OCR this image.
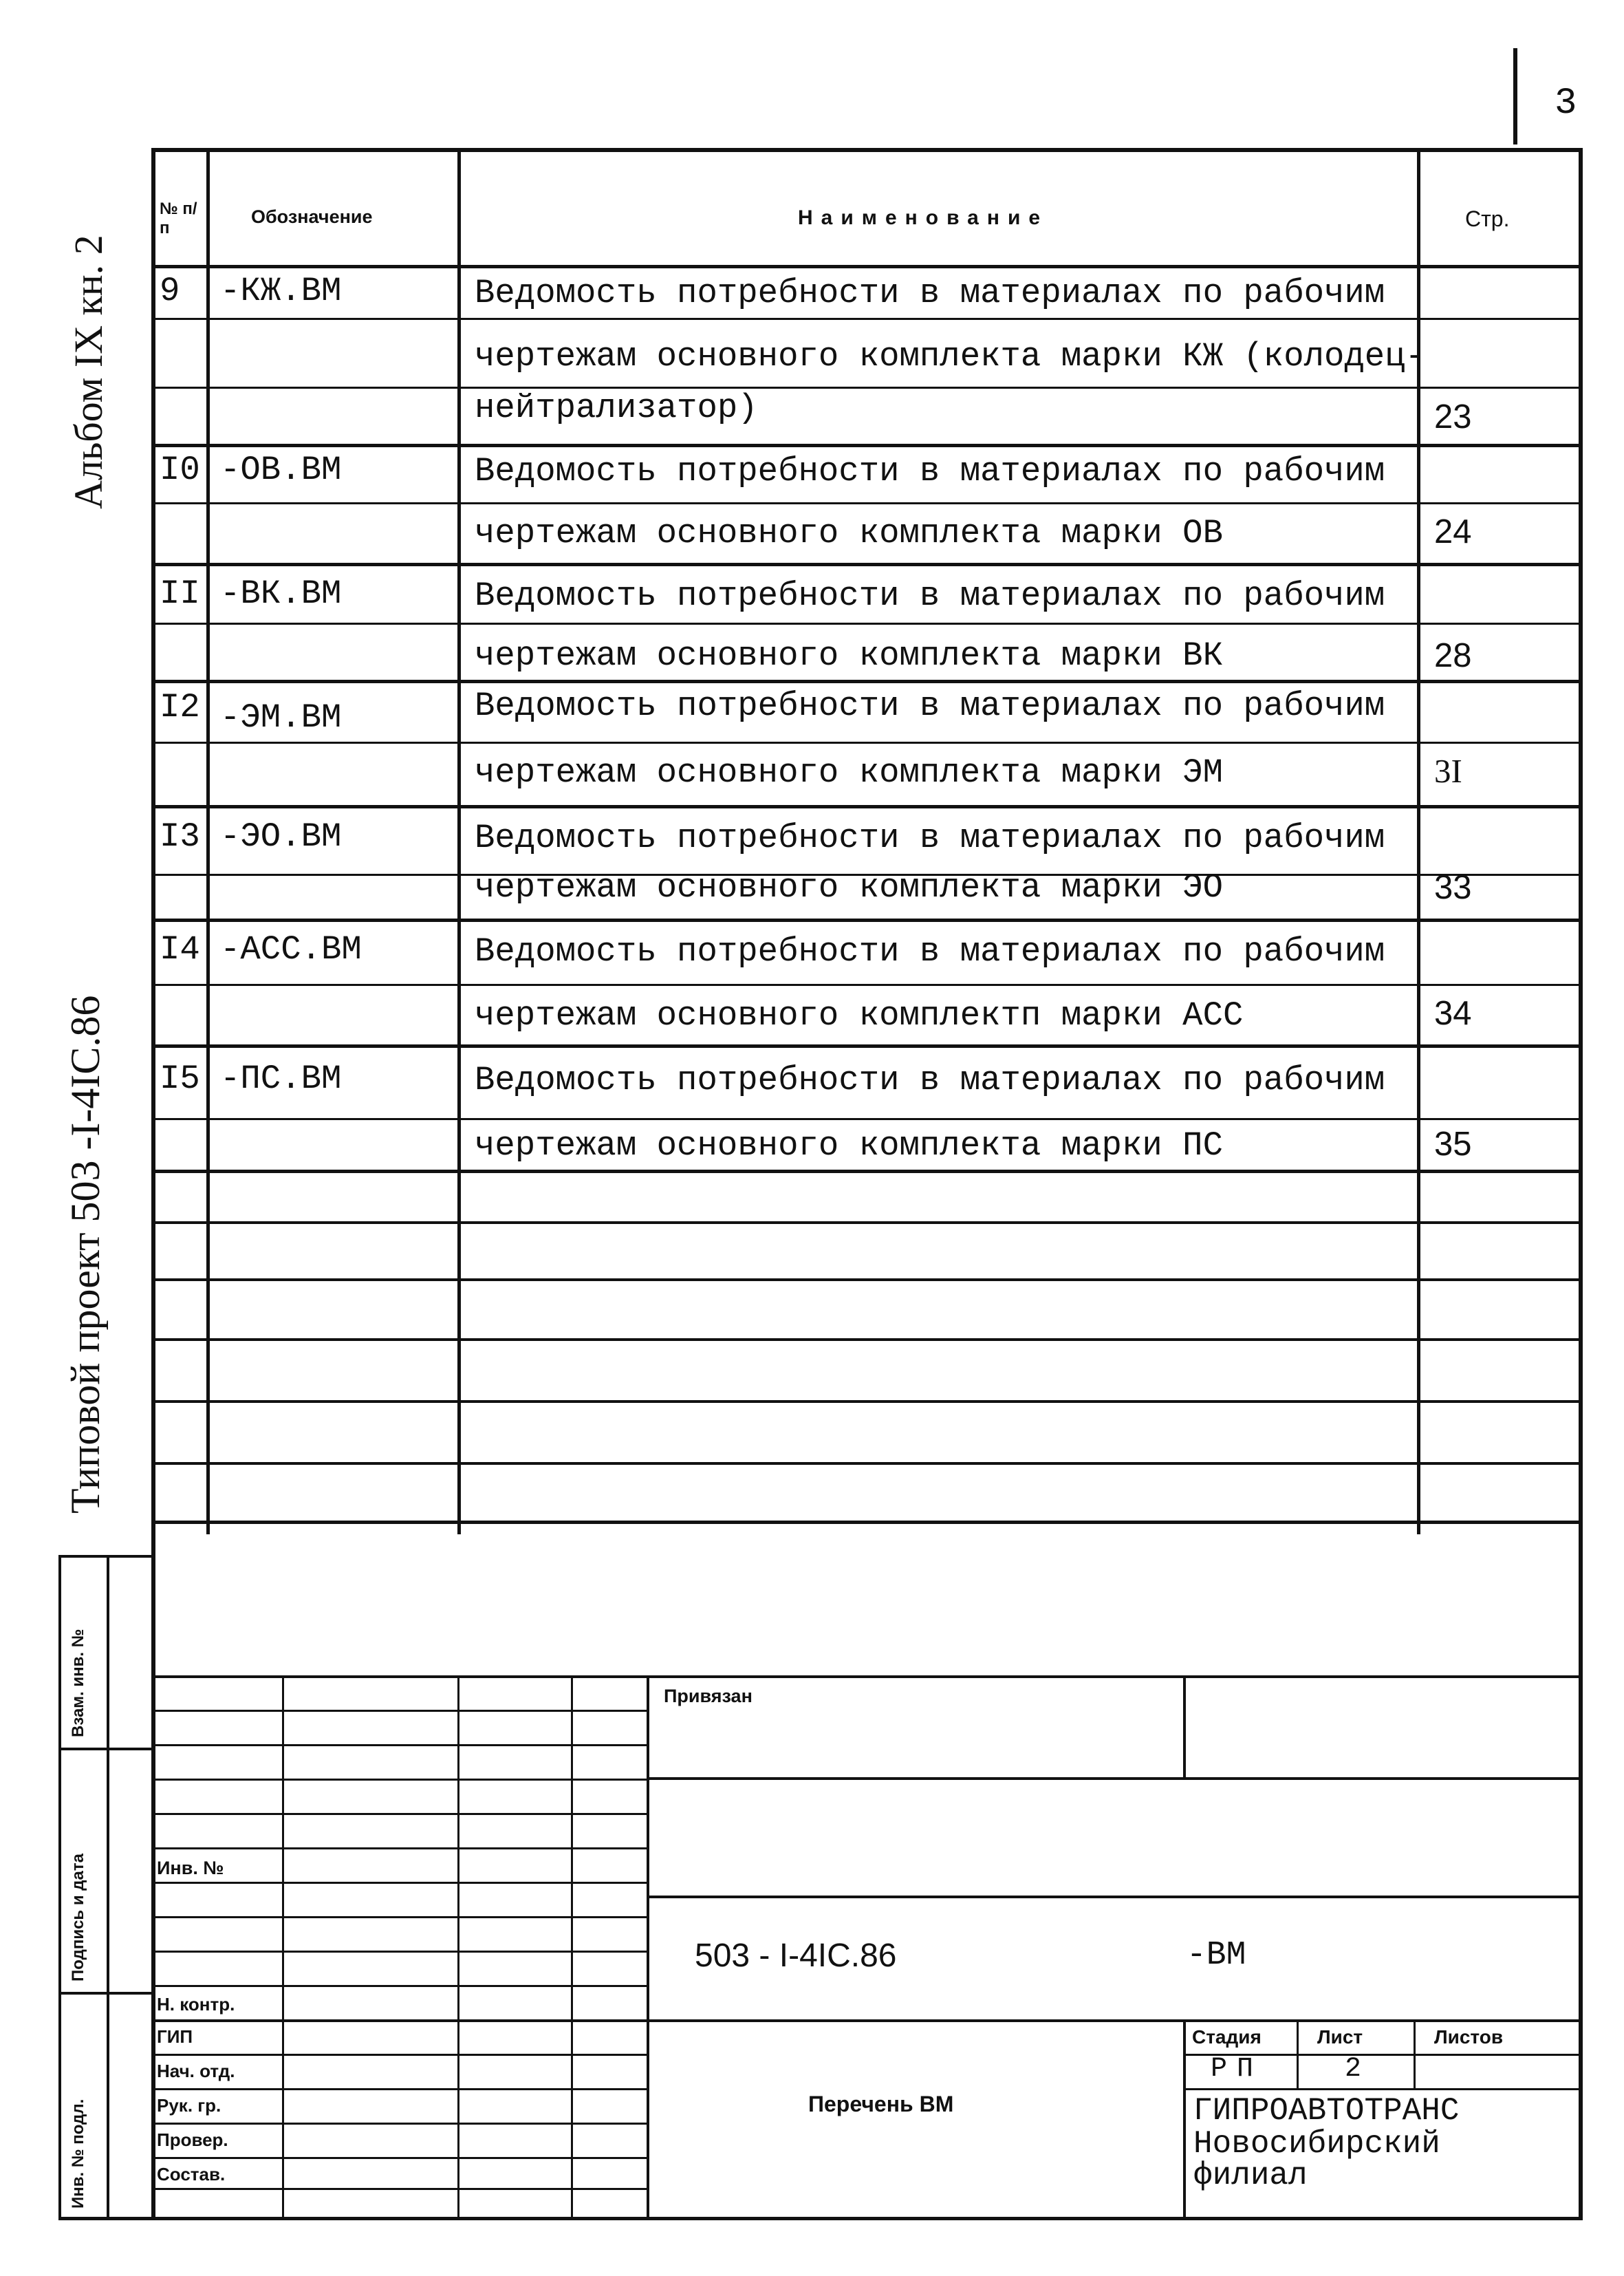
3
Альбом IX кн. 2
Типовой проект 503 -I-4IC.86
№ п/п
Обозначение	Наименование	Стр.
9 -КЖ.ВМ	Ведомость потребности в материалах по рабочим
чертежам основного комплекта марки КЖ (колодец-
нейтрализатор)	23
I0 -ОВ.ВМ	Ведомость потребности в материалах по рабочим
чертежам основного комплекта марки ОВ	24
II -ВК.ВМ	Ведомость потребности в материалах по рабочим
чертежам основного комплекта марки ВК	28
I2 -ЭМ.ВМ	Ведомость потребности в материалах по рабочим
чертежам основного комплекта марки ЭМ	3I
I3 -ЭО.ВМ	Ведомость потребности в материалах по рабочим
чертежам основного комплекта марки ЭО	33
I4 -АСС.ВМ	Ведомость потребности в материалах по рабочим
чертежам основного комплектп марки АСС	34
I5 -ПС.ВМ	Ведомость потребности в материалах по рабочим
чертежам основного комплекта марки ПС	35
Взам. инв. №
Подпись и дата
Инв. № подл.
Привязан
Инв. №
503 - I-4IC.86	-ВМ
Н. контр.
ГИП
Нач. отд.
Рук. гр.
Провер.
Состав.
Стадия	Лист	Листов
РП	2
Перечень ВМ	ГИПРОАВТОТРАНС
Новосибирский
филиал
